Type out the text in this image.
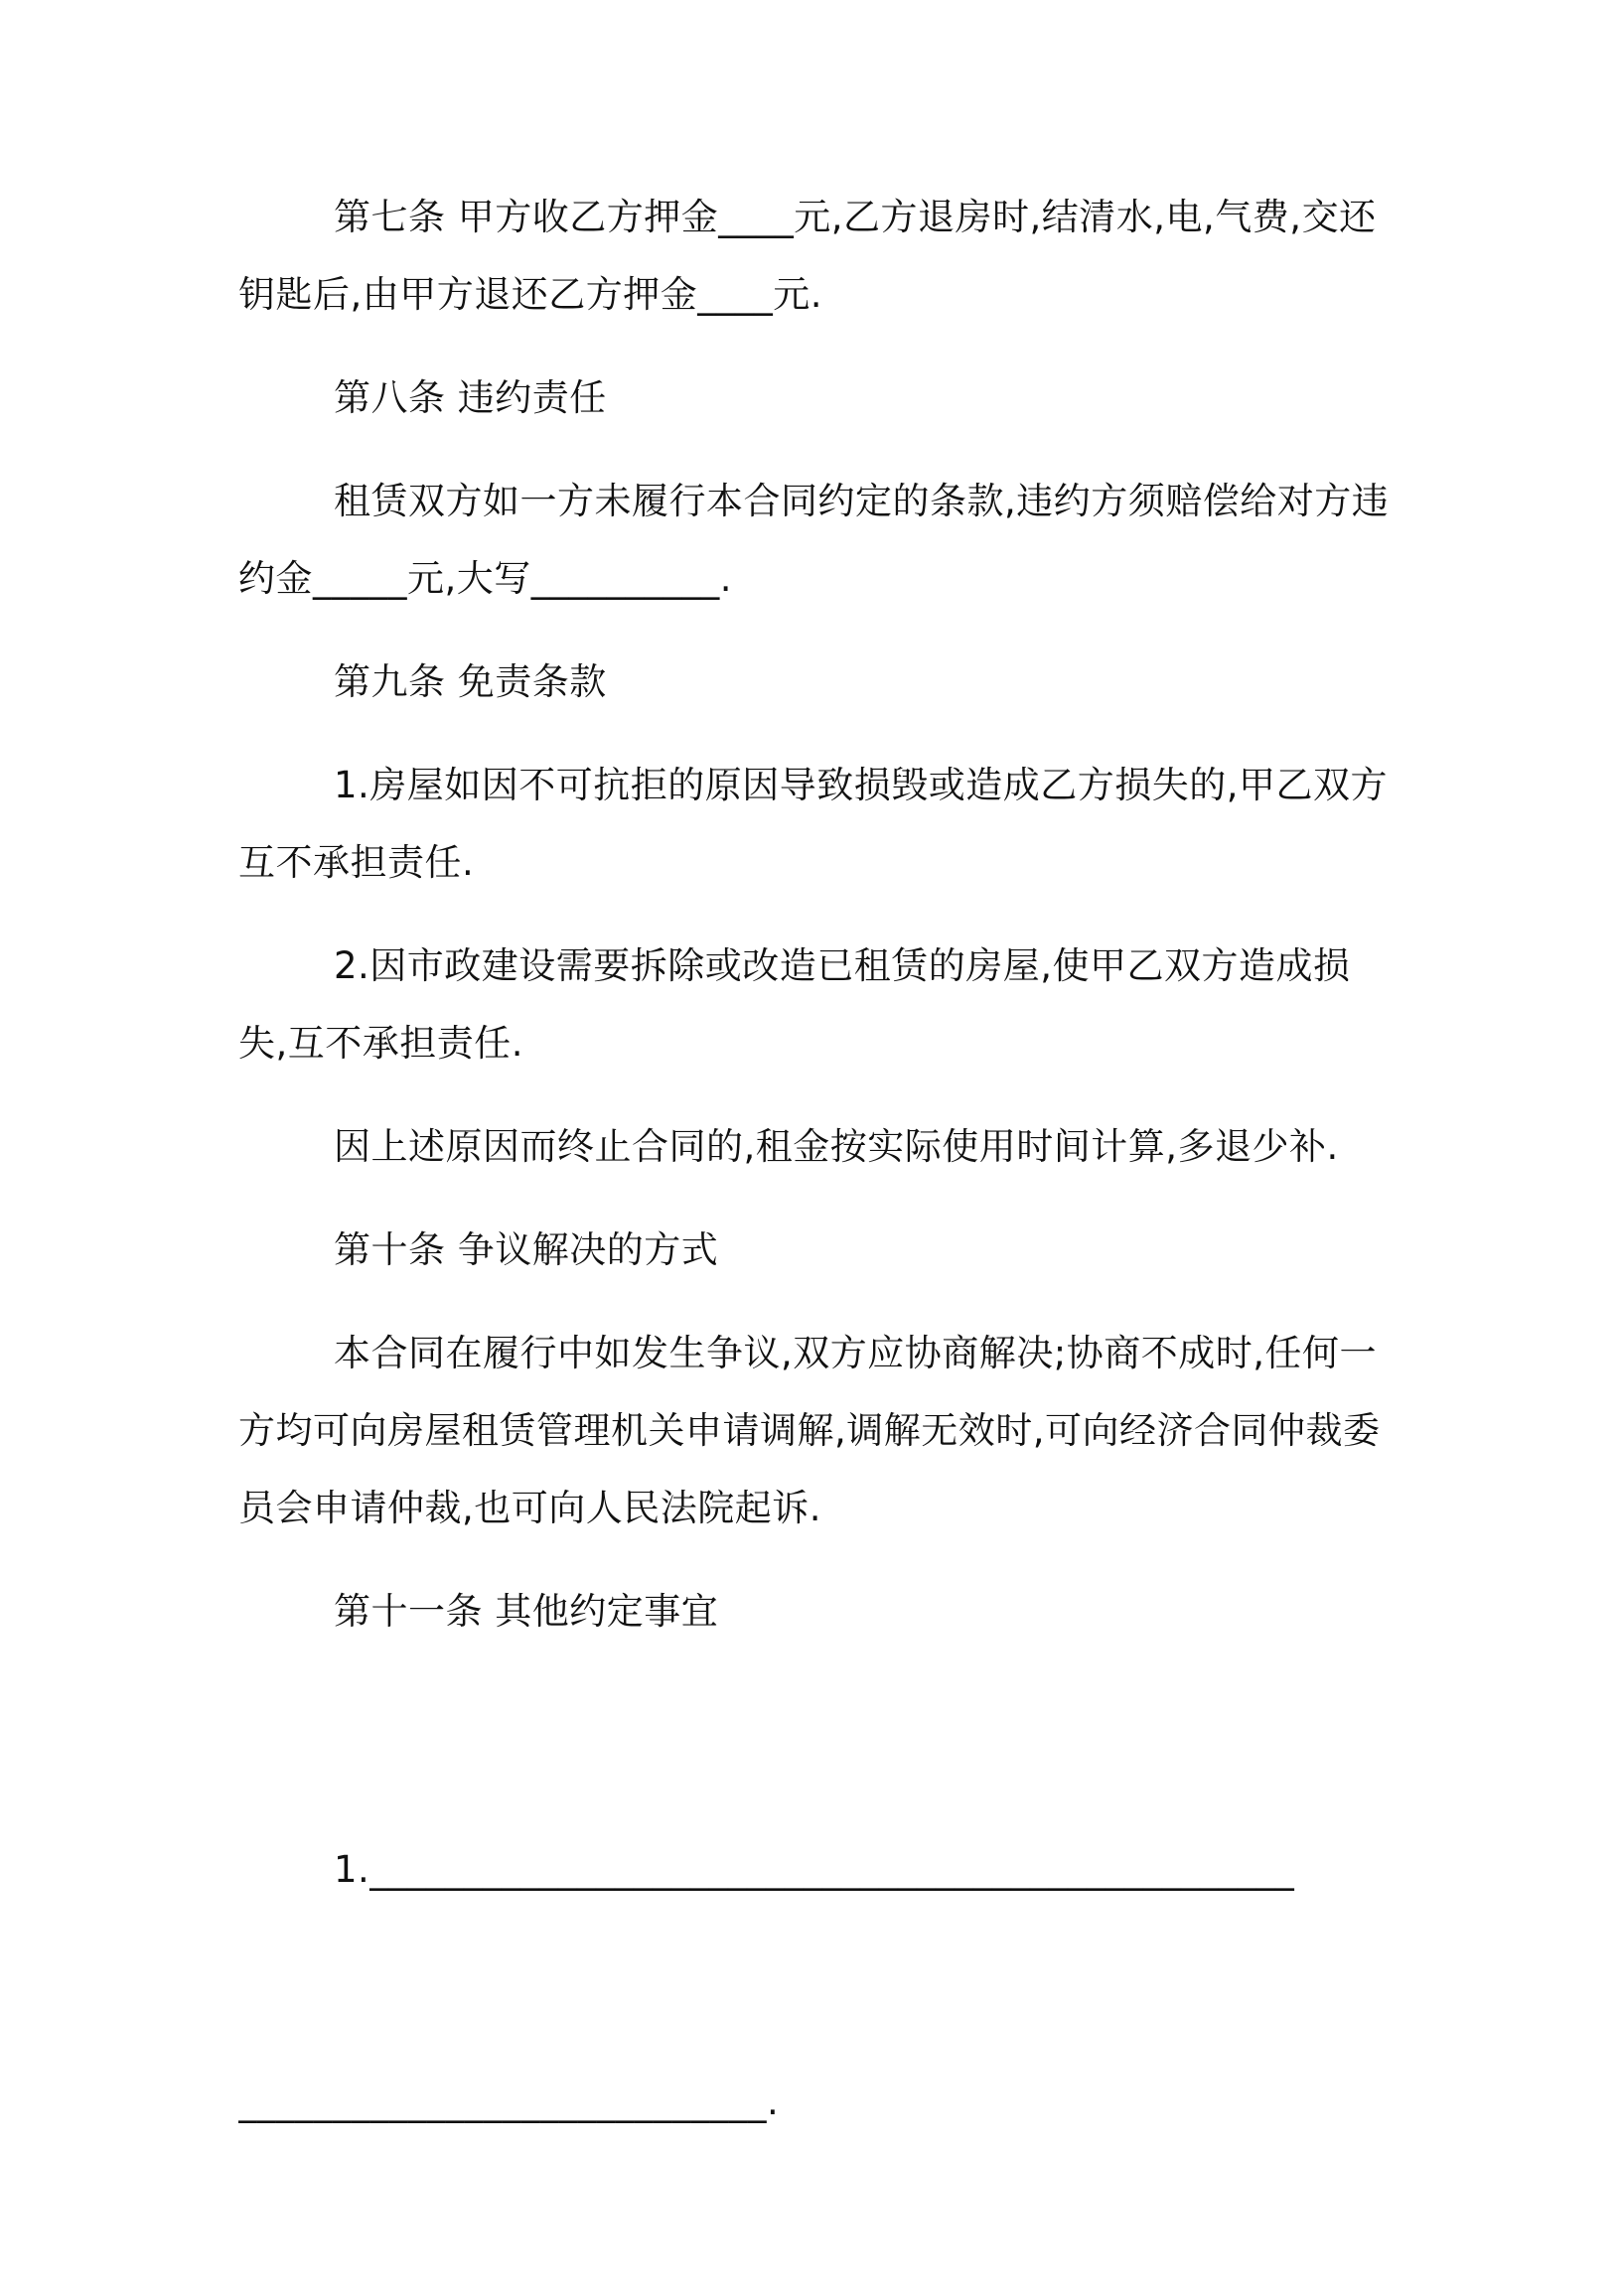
第七条 甲方收乙方押金____元,乙方退房时,结清水,电,气费,交还钥匙后,由甲方退还乙方押金____元.

第八条 违约责任

租赁双方如一方未履行本合同约定的条款,违约方须赔偿给对方违约金_____元,大写__________.

第九条 免责条款

1.房屋如因不可抗拒的原因导致损毁或造成乙方损失的,甲乙双方互不承担责任.

2.因市政建设需要拆除或改造已租赁的房屋,使甲乙双方造成损失,互不承担责任.

因上述原因而终止合同的,租金按实际使用时间计算,多退少补.

第十条 争议解决的方式

本合同在履行中如发生争议,双方应协商解决;协商不成时,任何一方均可向房屋租赁管理机关申请调解,调解无效时,可向经济合同仲裁委员会申请仲裁,也可向人民法院起诉.

第十一条 其他约定事宜

1._________________________________________________

____________________________.
